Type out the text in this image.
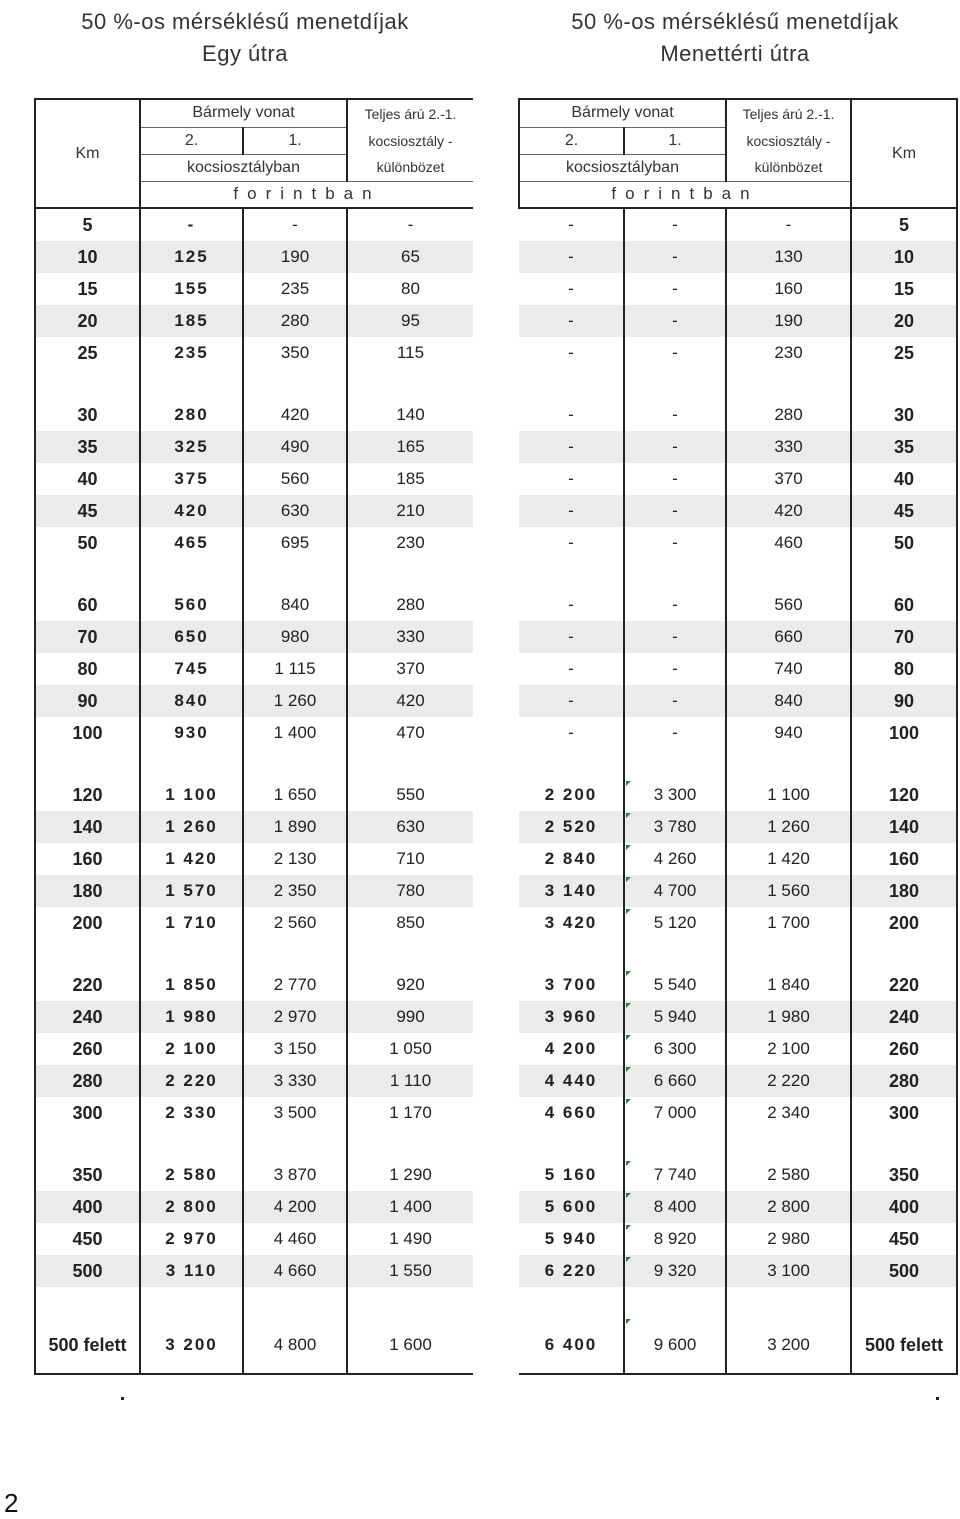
50 %-os mérséklésű menetdíjak
Egy útra
50 %-os mérséklésű menetdíjak
Menettérti útra
Km	Bármely vonat		Teljes árú 2.-1.
	2.	1.	kocsiosztály -
	kocsiosztályban		különbözet
	forintban		
5	-	-	-
10	125	190	65
15	155	235	80
20	185	280	95
25	235	350	115

30	280	420	140
35	325	490	165
40	375	560	185
45	420	630	210
50	465	695	230

60	560	840	280
70	650	980	330
80	745	1 115	370
90	840	1 260	420
100	930	1 400	470

120	1 100	1 650	550
140	1 260	1 890	630
160	1 420	2 130	710
180	1 570	2 350	780
200	1 710	2 560	850

220	1 850	2 770	920
240	1 980	2 970	990
260	2 100	3 150	1 050
280	2 220	3 330	1 110
300	2 330	3 500	1 170

350	2 580	3 870	1 290
400	2 800	4 200	1 400
450	2 970	4 460	1 490
500	3 110	4 660	1 550

500 felett	3 200	4 800	1 600
Bármely vonat		Teljes árú 2.-1.	Km
2.	1.	kocsiosztály -	
kocsiosztályban		különbözet	
forintban			
-	-	-	5
-	-	130	10
-	-	160	15
-	-	190	20
-	-	230	25

-	-	280	30
-	-	330	35
-	-	370	40
-	-	420	45
-	-	460	50

-	-	560	60
-	-	660	70
-	-	740	80
-	-	840	90
-	-	940	100

2 200	3 300	1 100	120
2 520	3 780	1 260	140
2 840	4 260	1 420	160
3 140	4 700	1 560	180
3 420	5 120	1 700	200

3 700	5 540	1 840	220
3 960	5 940	1 980	240
4 200	6 300	2 100	260
4 440	6 660	2 220	280
4 660	7 000	2 340	300

5 160	7 740	2 580	350
5 600	8 400	2 800	400
5 940	8 920	2 980	450
6 220	9 320	3 100	500

6 400	9 600	3 200	500 felett
2
